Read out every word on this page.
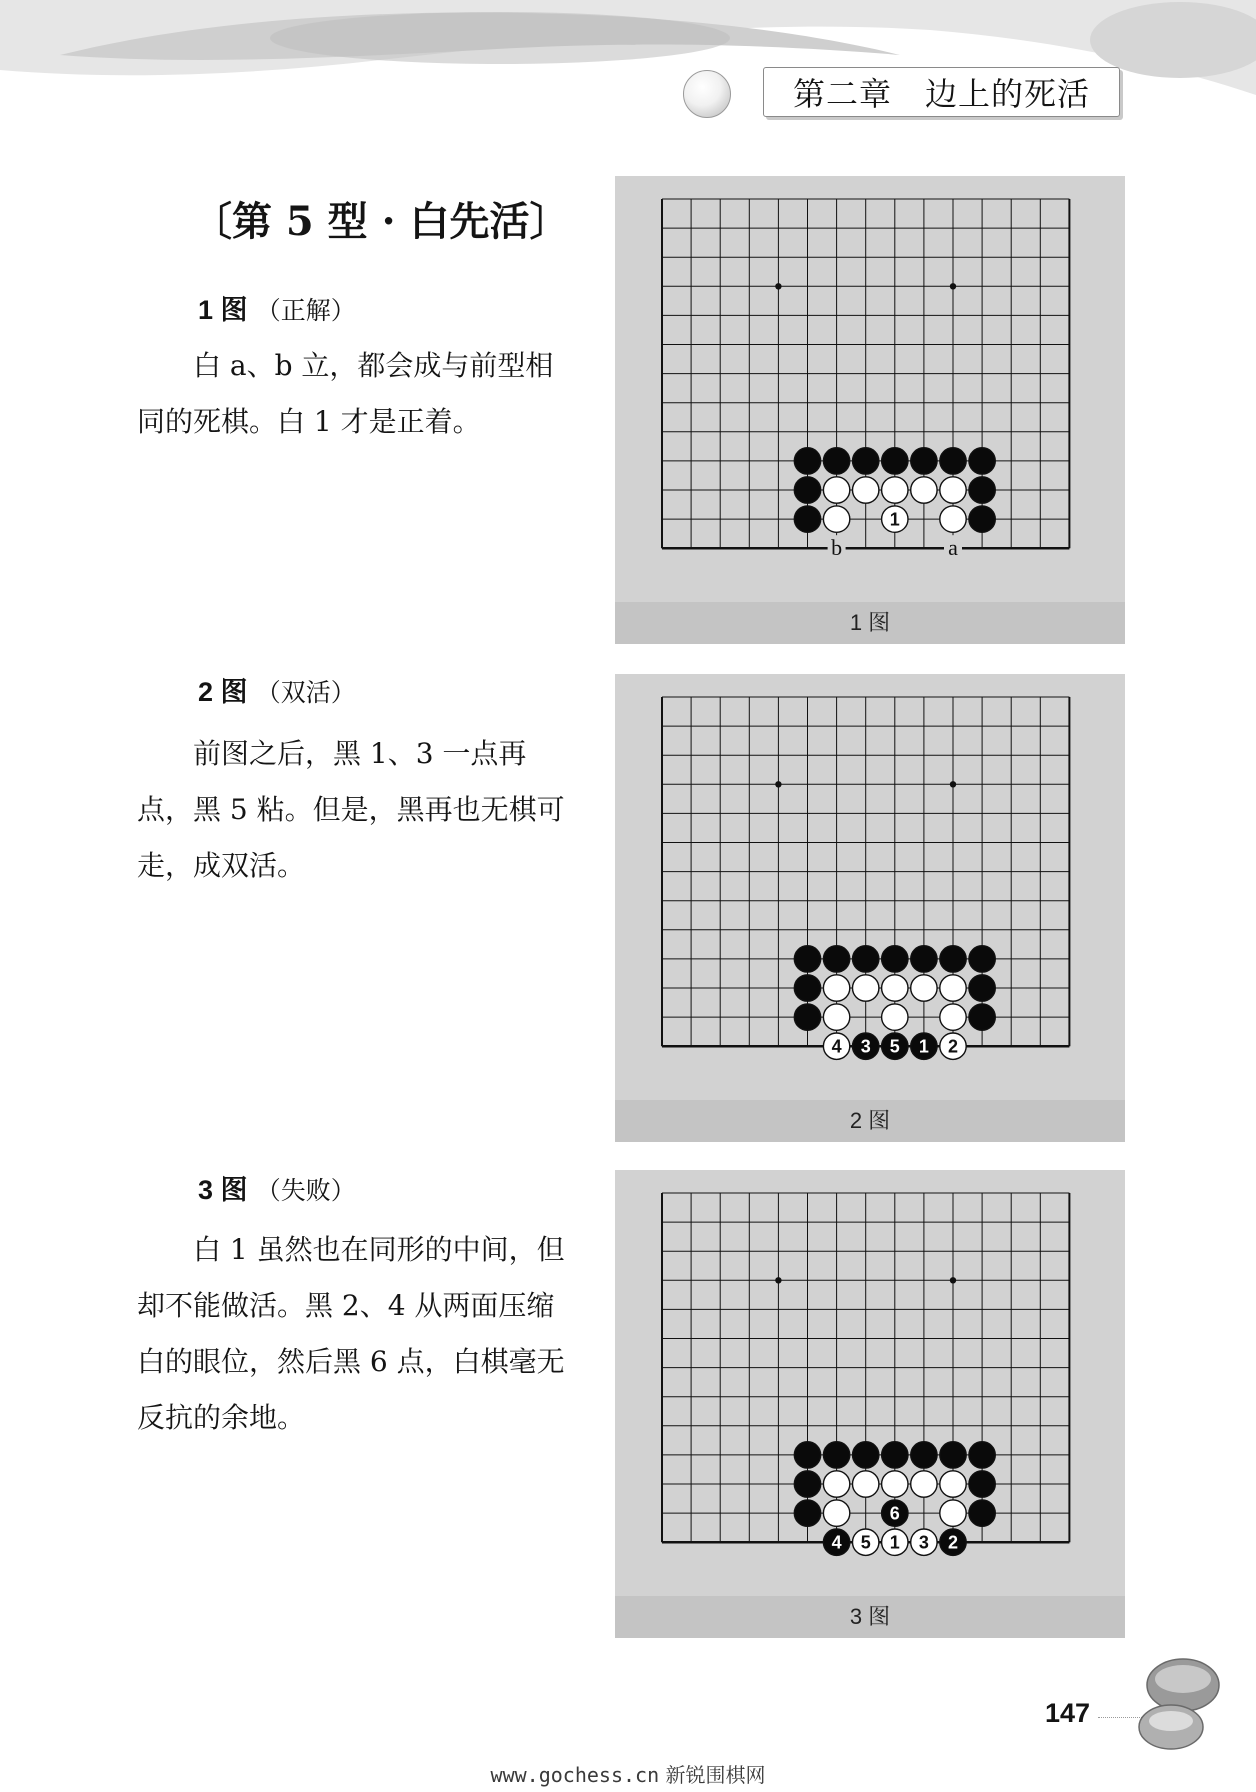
第二章　边上的死活
〔第 5 型 · 白先活〕
1 图 （正解）

白 a、b 立，都会成与前型相同的死棋。白 1 才是正着。

1
b	a
1 图
2 图 （双活）

前图之后，黑 1、3 一点再点，黑 5 粘。但是，黑再也无棋可走，成双活。

4 3 5 1 2
2 图
3 图 （失败）

白 1 虽然也在同形的中间，但却不能做活。黑 2、4 从两面压缩白的眼位，然后黑 6 点，白棋毫无反抗的余地。

6
4 5 1 3 2
3 图
147
www.gochess.cn 新锐围棋网
